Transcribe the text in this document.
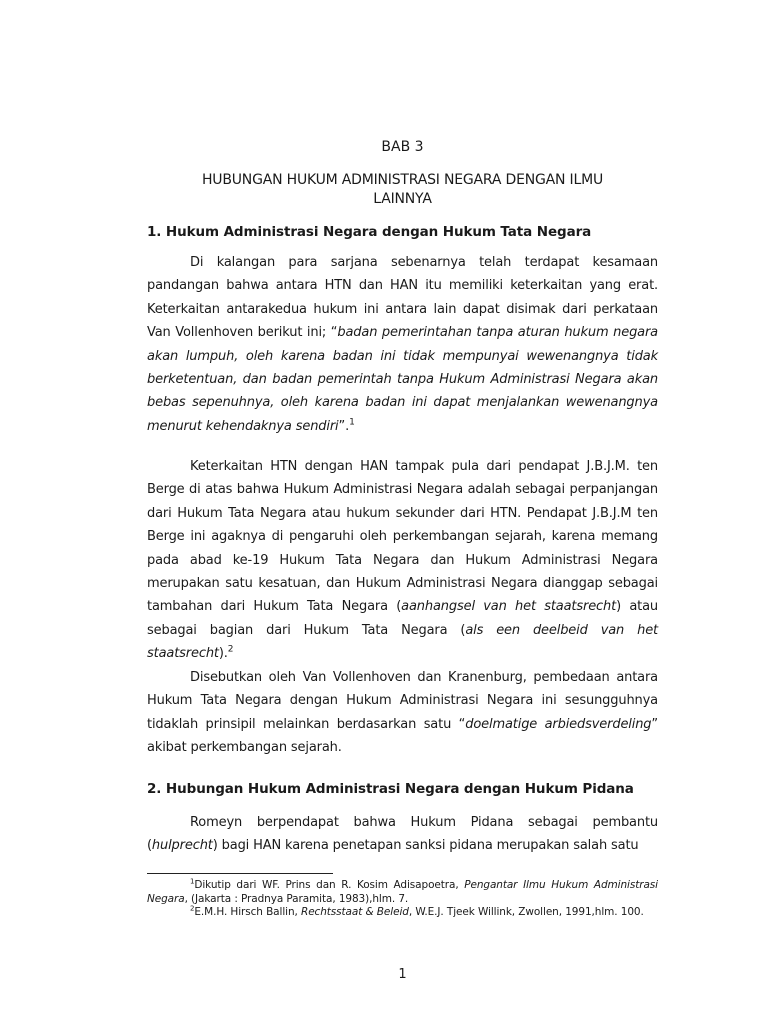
BAB 3
HUBUNGAN HUKUM ADMINISTRASI NEGARA DENGAN ILMU
LAINNYA
1. Hukum Administrasi Negara dengan Hukum Tata Negara

Di kalangan para sarjana sebenarnya telah terdapat kesamaan pandangan bahwa antara HTN dan HAN itu memiliki keterkaitan yang erat. Keterkaitan antarakedua hukum ini antara lain dapat disimak dari perkataan Van Vollenhoven berikut ini; “badan pemerintahan tanpa aturan hukum negara akan lumpuh, oleh karena badan ini tidak mempunyai wewenangnya tidak berketentuan, dan badan pemerintah tanpa Hukum Administrasi Negara akan bebas sepenuhnya, oleh karena badan ini dapat menjalankan wewenangnya menurut kehendaknya sendiri”.$^1$

Keterkaitan HTN dengan HAN tampak pula dari pendapat J.B.J.M. ten Berge di atas bahwa Hukum Administrasi Negara adalah sebagai perpanjangan dari Hukum Tata Negara atau hukum sekunder dari HTN. Pendapat J.B.J.M ten Berge ini agaknya di pengaruhi oleh perkembangan sejarah, karena memang pada abad ke-19 Hukum Tata Negara dan Hukum Administrasi Negara merupakan satu kesatuan, dan Hukum Administrasi Negara dianggap sebagai tambahan dari Hukum Tata Negara (aanhangsel van het staatsrecht) atau sebagai bagian dari Hukum Tata Negara (als een deelbeid van het staatsrecht).$^2$

Disebutkan oleh Van Vollenhoven dan Kranenburg, pembedaan antara Hukum Tata Negara dengan Hukum Administrasi Negara ini sesungguhnya tidaklah prinsipil melainkan berdasarkan satu “doelmatige arbiedsverdeling” akibat perkembangan sejarah.

2. Hubungan Hukum Administrasi Negara dengan Hukum Pidana

Romeyn berpendapat bahwa Hukum Pidana sebagai pembantu (hulprecht) bagi HAN karena penetapan sanksi pidana merupakan salah satu

$^1$Dikutip dari WF. Prins dan R. Kosim Adisapoetra, Pengantar Ilmu Hukum Administrasi Negara, (Jakarta : Pradnya Paramita, 1983),hlm. 7.
$^2$E.M.H. Hirsch Ballin, Rechtsstaat & Beleid, W.E.J. Tjeek Willink, Zwollen, 1991,hlm. 100.
1
